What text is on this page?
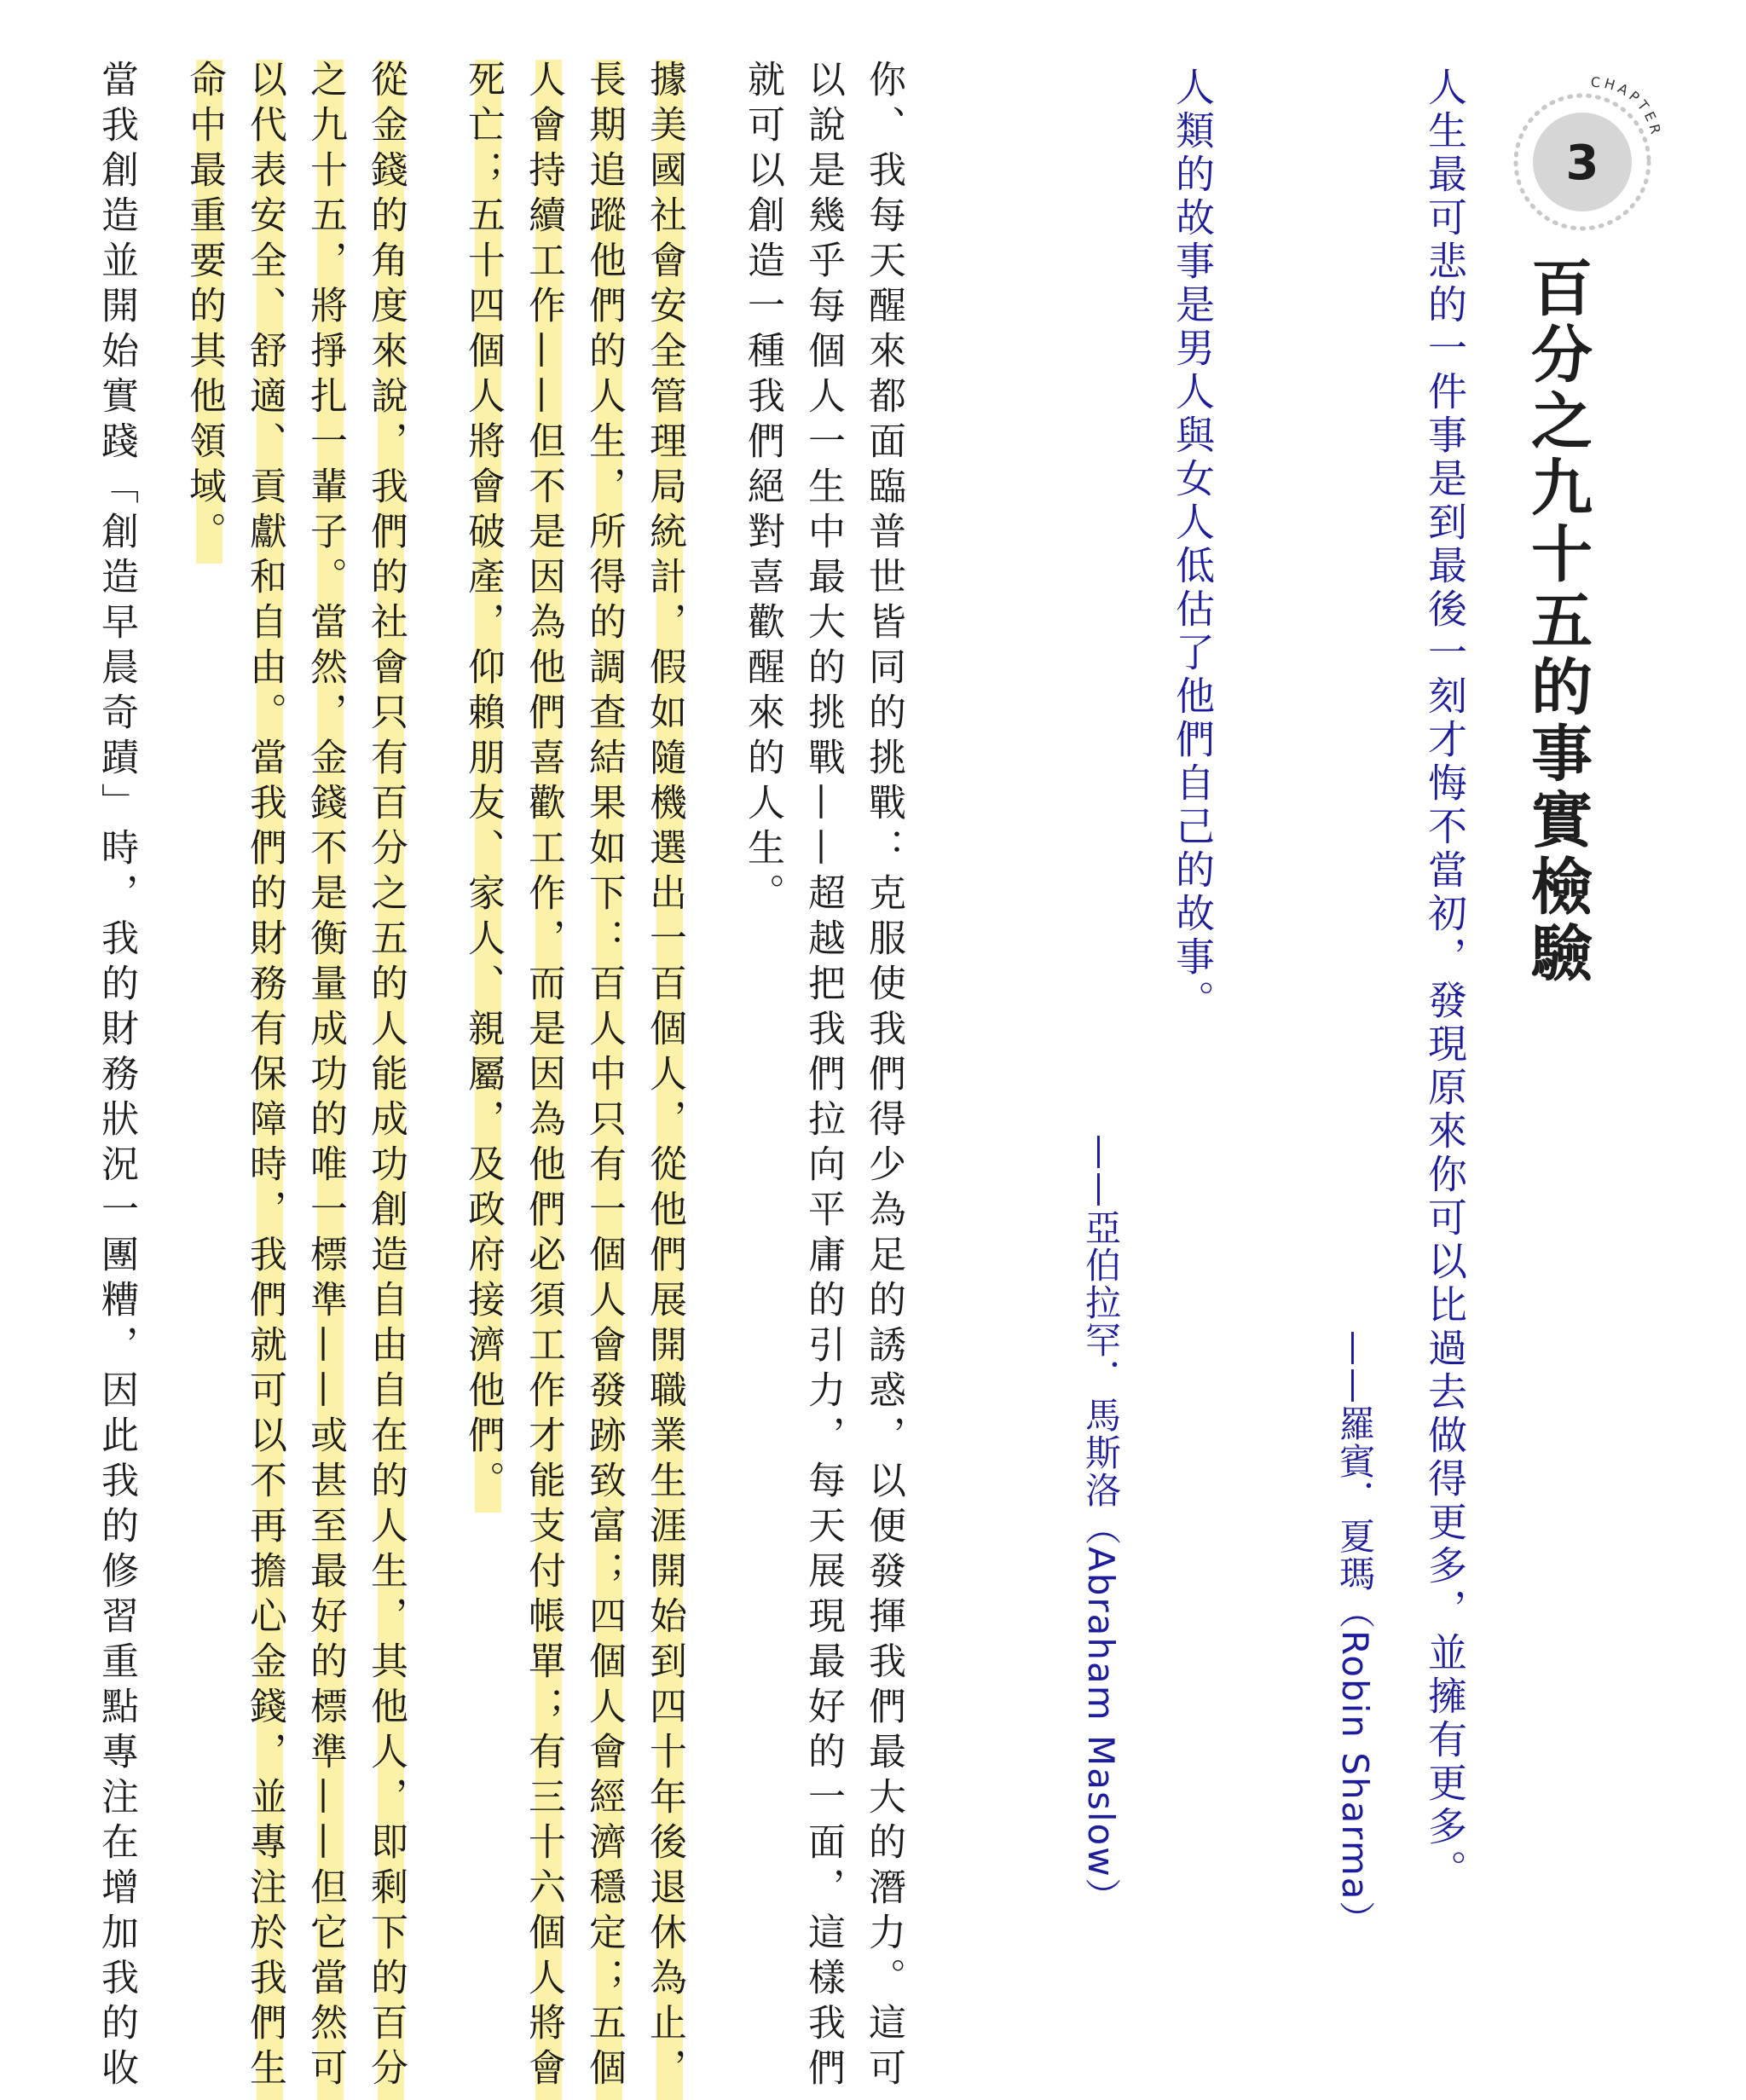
3
CHAPTER
百分之九十五的事實檢驗
人生最可悲的一件事是到最後一刻才悔不當初，發現原來你可以比過去做得更多，並擁有更多。
——羅賓．夏瑪（Robin Sharma）
人類的故事是男人與女人低估了他們自己的故事。
——亞伯拉罕．馬斯洛（Abraham Maslow）
你、我每天醒來都面臨普世皆同的挑戰：克服使我們得少為足的誘惑，以便發揮我們最大的潛力。這可
以說是幾乎每個人一生中最大的挑戰——超越把我們拉向平庸的引力，每天展現最好的一面，這樣我們
就可以創造一種我們絕對喜歡醒來的人生。
據美國社會安全管理局統計，假如隨機選出一百個人，從他們展開職業生涯開始到四十年後退休為止，
長期追蹤他們的人生，所得的調查結果如下：百人中只有一個人會發跡致富；四個人會經濟穩定；五個
人會持續工作——但不是因為他們喜歡工作，而是因為他們必須工作才能支付帳單；有三十六個人將會
死亡；五十四個人將會破產，仰賴朋友、家人、親屬，及政府接濟他們。
從金錢的角度來說，我們的社會只有百分之五的人能成功創造自由自在的人生，其他人，即剩下的百分
之九十五，將掙扎一輩子。當然，金錢不是衡量成功的唯一標準——或甚至最好的標準——但它當然可
以代表安全、舒適、貢獻和自由。當我們的財務有保障時，我們就可以不再擔心金錢，並專注於我們生
命中最重要的其他領域。
當我創造並開始實踐「創造早晨奇蹟」時，我的財務狀況一團糟，因此我的修習重點專注在增加我的收
